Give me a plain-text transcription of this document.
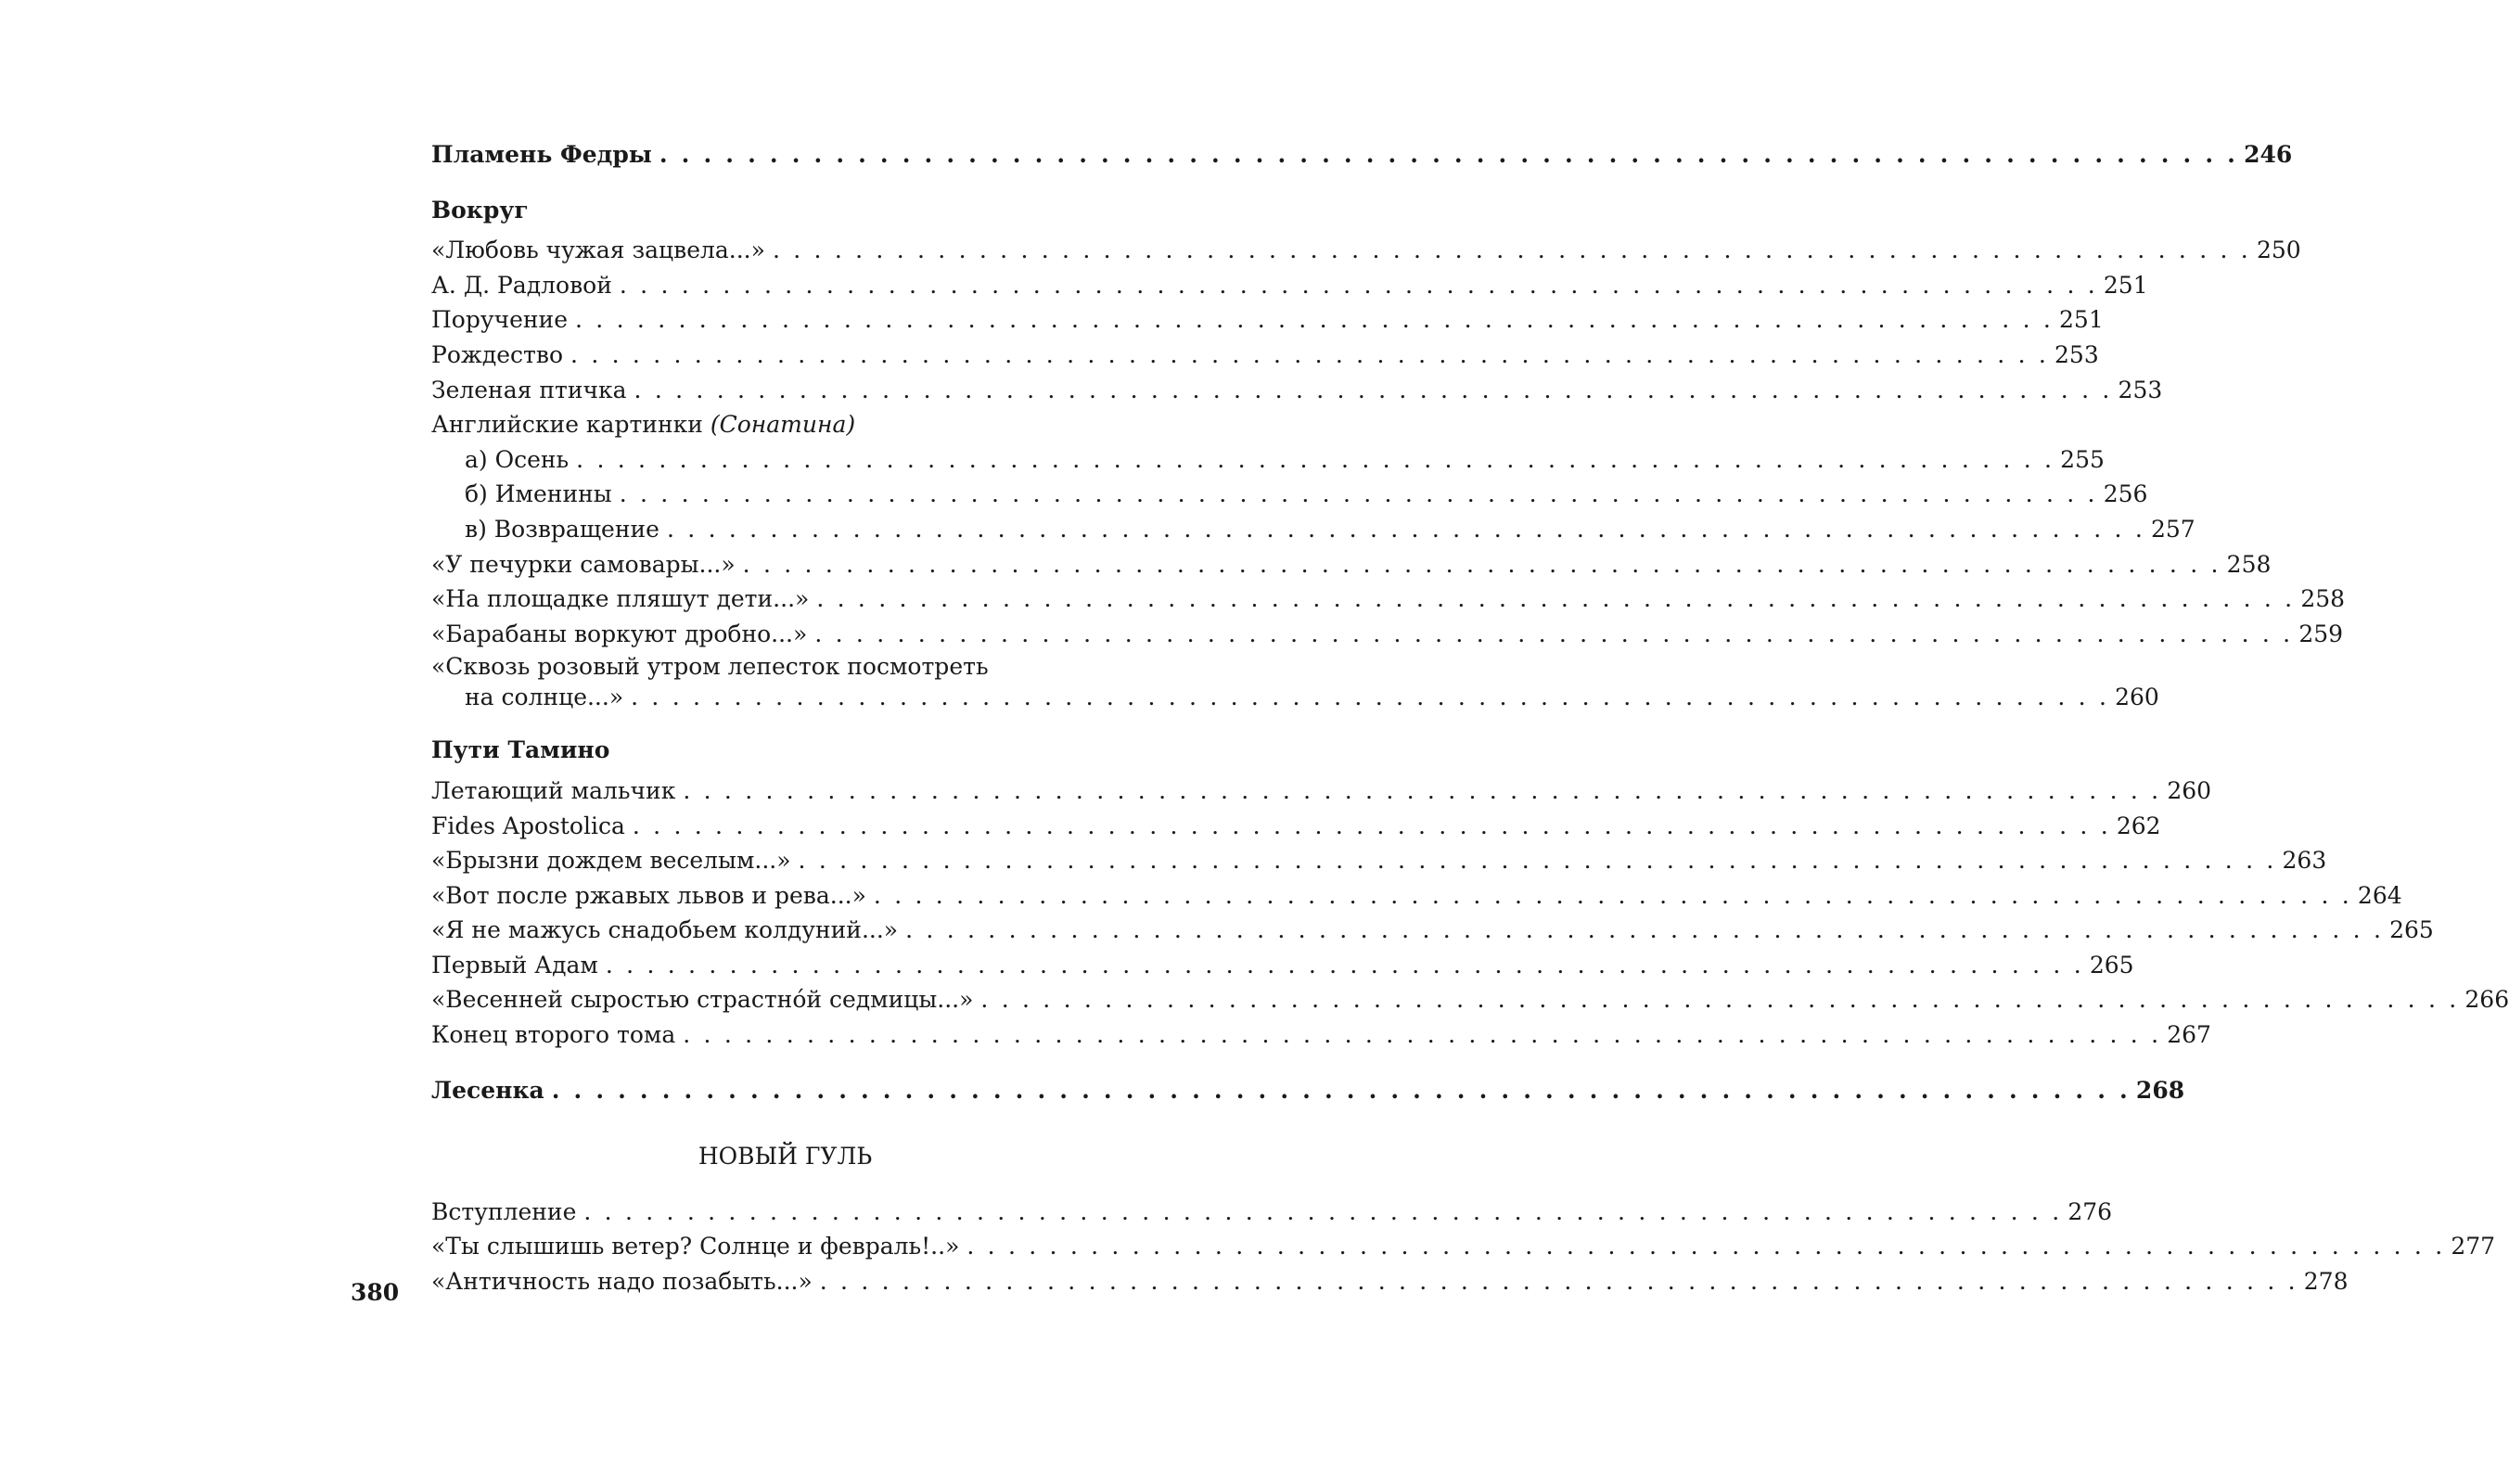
Пламень Федры . . . . . . . . . . . . . . . . . . . . . . . . . . . . . . . . . . . . . . . . . . . . . . . . . . . . . . . . . . . . . . . . . . . . . . . . 246
Вокруг
«Любовь чужая зацвела...» . . . . . . . . . . . . . . . . . . . . . . . . . . . . . . . . . . . . . . . . . . . . . . . . . . . . . . . . . . . . . . . . . . . . . . . . 250
А. Д. Радловой . . . . . . . . . . . . . . . . . . . . . . . . . . . . . . . . . . . . . . . . . . . . . . . . . . . . . . . . . . . . . . . . . . . . . . . . 251
Поручение . . . . . . . . . . . . . . . . . . . . . . . . . . . . . . . . . . . . . . . . . . . . . . . . . . . . . . . . . . . . . . . . . . . . . . . . 251
Рождество . . . . . . . . . . . . . . . . . . . . . . . . . . . . . . . . . . . . . . . . . . . . . . . . . . . . . . . . . . . . . . . . . . . . . . . . 253
Зеленая птичка . . . . . . . . . . . . . . . . . . . . . . . . . . . . . . . . . . . . . . . . . . . . . . . . . . . . . . . . . . . . . . . . . . . . . . . . 253
Английские картинки (Сонатина)
а) Осень . . . . . . . . . . . . . . . . . . . . . . . . . . . . . . . . . . . . . . . . . . . . . . . . . . . . . . . . . . . . . . . . . . . . . . . . 255
б) Именины . . . . . . . . . . . . . . . . . . . . . . . . . . . . . . . . . . . . . . . . . . . . . . . . . . . . . . . . . . . . . . . . . . . . . . . . 256
в) Возвращение . . . . . . . . . . . . . . . . . . . . . . . . . . . . . . . . . . . . . . . . . . . . . . . . . . . . . . . . . . . . . . . . . . . . . . . . 257
«У печурки самовары...» . . . . . . . . . . . . . . . . . . . . . . . . . . . . . . . . . . . . . . . . . . . . . . . . . . . . . . . . . . . . . . . . . . . . . . . . 258
«На площадке пляшут дети...» . . . . . . . . . . . . . . . . . . . . . . . . . . . . . . . . . . . . . . . . . . . . . . . . . . . . . . . . . . . . . . . . . . . . . . . . 258
«Барабаны воркуют дробно...» . . . . . . . . . . . . . . . . . . . . . . . . . . . . . . . . . . . . . . . . . . . . . . . . . . . . . . . . . . . . . . . . . . . . . . . . 259
«Сквозь розовый утром лепесток посмотреть
на солнце...» . . . . . . . . . . . . . . . . . . . . . . . . . . . . . . . . . . . . . . . . . . . . . . . . . . . . . . . . . . . . . . . . . . . . . . . . 260
Пути Тамино
Летающий мальчик . . . . . . . . . . . . . . . . . . . . . . . . . . . . . . . . . . . . . . . . . . . . . . . . . . . . . . . . . . . . . . . . . . . . . . . . 260
Fides Apostolica . . . . . . . . . . . . . . . . . . . . . . . . . . . . . . . . . . . . . . . . . . . . . . . . . . . . . . . . . . . . . . . . . . . . . . . . 262
«Брызни дождем веселым...» . . . . . . . . . . . . . . . . . . . . . . . . . . . . . . . . . . . . . . . . . . . . . . . . . . . . . . . . . . . . . . . . . . . . . . . . 263
«Вот после ржавых львов и рева...» . . . . . . . . . . . . . . . . . . . . . . . . . . . . . . . . . . . . . . . . . . . . . . . . . . . . . . . . . . . . . . . . . . . . . . . . 264
«Я не мажусь снадобьем колдуний...» . . . . . . . . . . . . . . . . . . . . . . . . . . . . . . . . . . . . . . . . . . . . . . . . . . . . . . . . . . . . . . . . . . . . . . . . 265
Первый Адам . . . . . . . . . . . . . . . . . . . . . . . . . . . . . . . . . . . . . . . . . . . . . . . . . . . . . . . . . . . . . . . . . . . . . . . . 265
«Весенней сыростью страстно́й седмицы...» . . . . . . . . . . . . . . . . . . . . . . . . . . . . . . . . . . . . . . . . . . . . . . . . . . . . . . . . . . . . . . . . . . . . . . . . 266
Конец второго тома . . . . . . . . . . . . . . . . . . . . . . . . . . . . . . . . . . . . . . . . . . . . . . . . . . . . . . . . . . . . . . . . . . . . . . . . 267
Лесенка . . . . . . . . . . . . . . . . . . . . . . . . . . . . . . . . . . . . . . . . . . . . . . . . . . . . . . . . . . . . . . . . . . . . . . . . 268
НОВЫЙ ГУЛЬ
Вступление . . . . . . . . . . . . . . . . . . . . . . . . . . . . . . . . . . . . . . . . . . . . . . . . . . . . . . . . . . . . . . . . . . . . . . . . 276
«Ты слышишь ветер? Солнце и февраль!..» . . . . . . . . . . . . . . . . . . . . . . . . . . . . . . . . . . . . . . . . . . . . . . . . . . . . . . . . . . . . . . . . . . . . . . . . 277
«Античность надо позабыть...» . . . . . . . . . . . . . . . . . . . . . . . . . . . . . . . . . . . . . . . . . . . . . . . . . . . . . . . . . . . . . . . . . . . . . . . . 278
380
